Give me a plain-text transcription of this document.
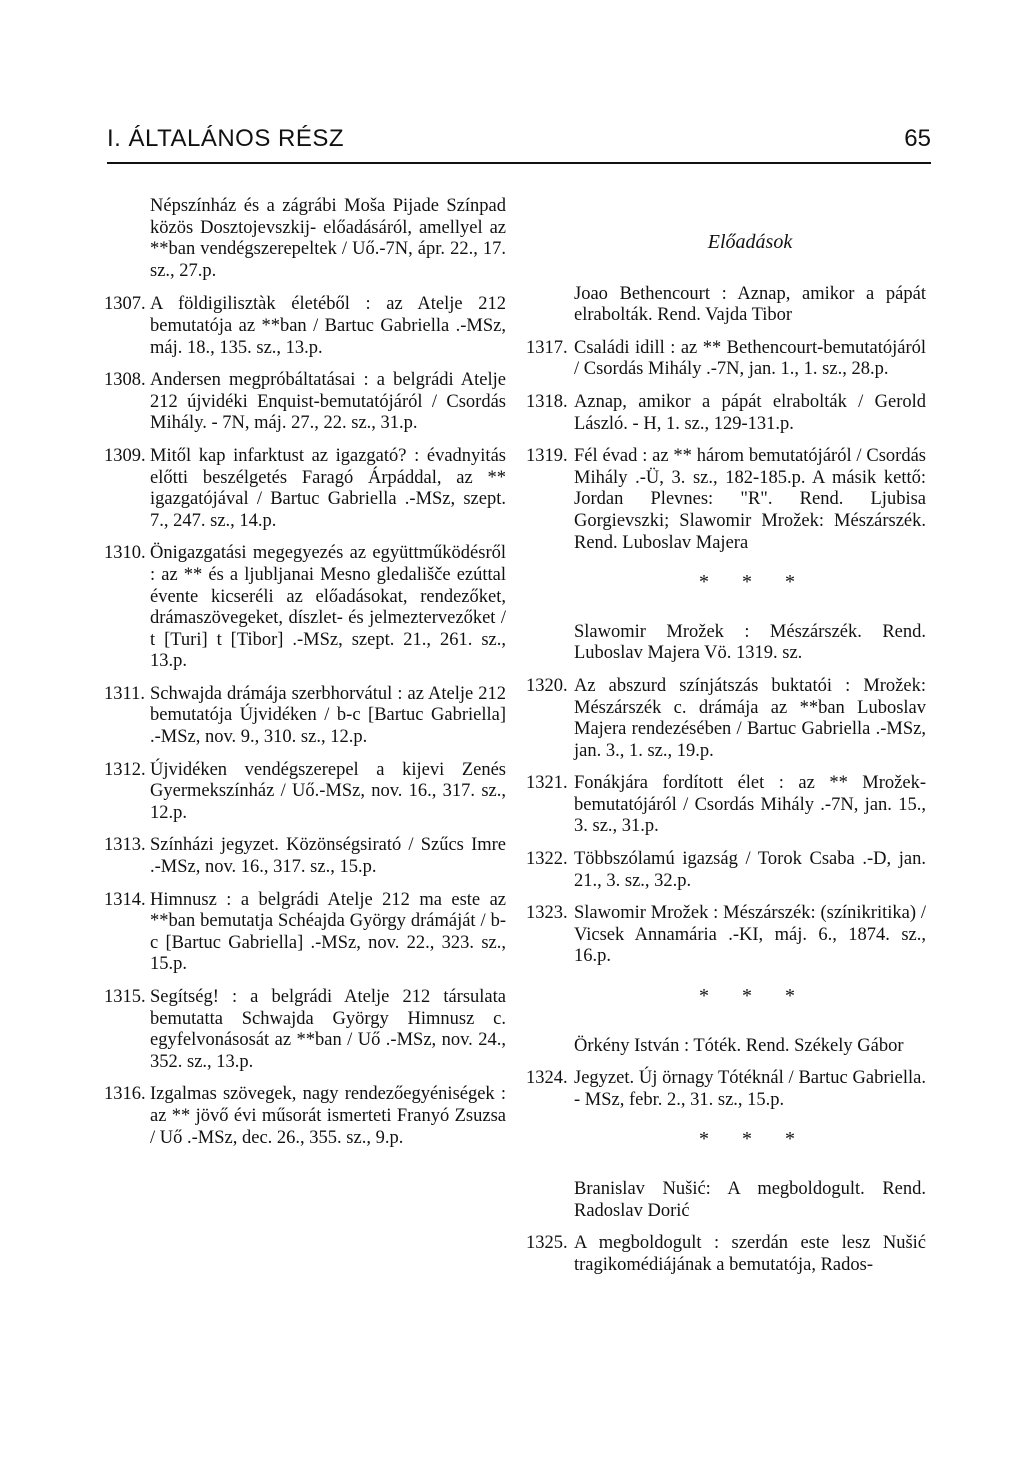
I. ÁLTALÁNOS RÉSZ	65
Népszínház és a zágrábi Moša Pijade Színpad közös Dosztojevszkij- előadásáról, amellyel az **ban vendégszerepeltek / Uő.-7N, ápr. 22., 17. sz., 27.p.
1307. A földigilisztàk életéből : az Atelje 212 bemutatója az **ban / Bartuc Gabriella .-MSz, máj. 18., 135. sz., 13.p.
1308. Andersen megpróbáltatásai : a belgrádi Atelje 212 újvidéki Enquist-bemutatójáról / Csordás Mihály. - 7N, máj. 27., 22. sz., 31.p.
1309. Mitől kap infarktust az igazgató? : évadnyitás előtti beszélgetés Faragó Árpáddal, az ** igazgatójával / Bartuc Gabriella .-MSz, szept. 7., 247. sz., 14.p.
1310. Önigazgatási megegyezés az együttműködésről : az ** és a ljubljanai Mesno gledališče ezúttal évente kicseréli az előadásokat, rendezőket, drámaszövegeket, díszlet- és jelmeztervezőket / t [Turi] t [Tibor] .-MSz, szept. 21., 261. sz., 13.p.
1311. Schwajda drámája szerbhorvátul : az Atelje 212 bemutatója Újvidéken / b-c [Bartuc Gabriella] .-MSz, nov. 9., 310. sz., 12.p.
1312. Újvidéken vendégszerepel a kijevi Zenés Gyermekszínház / Uő.-MSz, nov. 16., 317. sz., 12.p.
1313. Színházi jegyzet. Közönségsirató / Szűcs Imre .-MSz, nov. 16., 317. sz., 15.p.
1314. Himnusz : a belgrádi Atelje 212 ma este az **ban bemutatja Schéajda György drámáját / b-c [Bartuc Gabriella] .-MSz, nov. 22., 323. sz., 15.p.
1315. Segítség! : a belgrádi Atelje 212 társulata bemutatta Schwajda György Himnusz c. egyfelvonásosát az **ban / Uő .-MSz, nov. 24., 352. sz., 13.p.
1316. Izgalmas szövegek, nagy rendezőegyéniségek : az ** jövő évi műsorát ismerteti Franyó Zsuzsa / Uő .-MSz, dec. 26., 355. sz., 9.p.
Előadások
Joao Bethencourt : Aznap, amikor a pápát elrabolták. Rend. Vajda Tibor
1317. Családi idill : az ** Bethencourt-bemutatójáról / Csordás Mihály .-7N, jan. 1., 1. sz., 28.p.
1318. Aznap, amikor a pápát elrabolták / Gerold László. - H, 1. sz., 129-131.p.
1319. Fél évad : az ** három bemutatójáról / Csordás Mihály .-Ü, 3. sz., 182-185.p. A másik kettő: Jordan Plevnes: "R". Rend. Ljubisa Gorgievszki; Slawomir Mrožek: Mészárszék. Rend. Luboslav Majera
* * *
Slawomir Mrožek : Mészárszék. Rend. Luboslav Majera Vö. 1319. sz.
1320. Az abszurd színjátszás buktatói : Mrožek: Mészárszék c. drámája az **ban Luboslav Majera rendezésében / Bartuc Gabriella .-MSz, jan. 3., 1. sz., 19.p.
1321. Fonákjára fordított élet : az ** Mrožek-bemutatójáról / Csordás Mihály .-7N, jan. 15., 3. sz., 31.p.
1322. Többszólamú igazság / Torok Csaba .-D, jan. 21., 3. sz., 32.p.
1323. Slawomir Mrožek : Mészárszék: (színikritika) / Vicsek Annamária .-KI, máj. 6., 1874. sz., 16.p.
* * *
Örkény István : Tóték. Rend. Székely Gábor
1324. Jegyzet. Új örnagy Tótéknál / Bartuc Gabriella. - MSz, febr. 2., 31. sz., 15.p.
* * *
Branislav Nušić: A megboldogult. Rend. Radoslav Dorić
1325. A megboldogult : szerdán este lesz Nušić tragikomédiájának a bemutatója, Rados-
